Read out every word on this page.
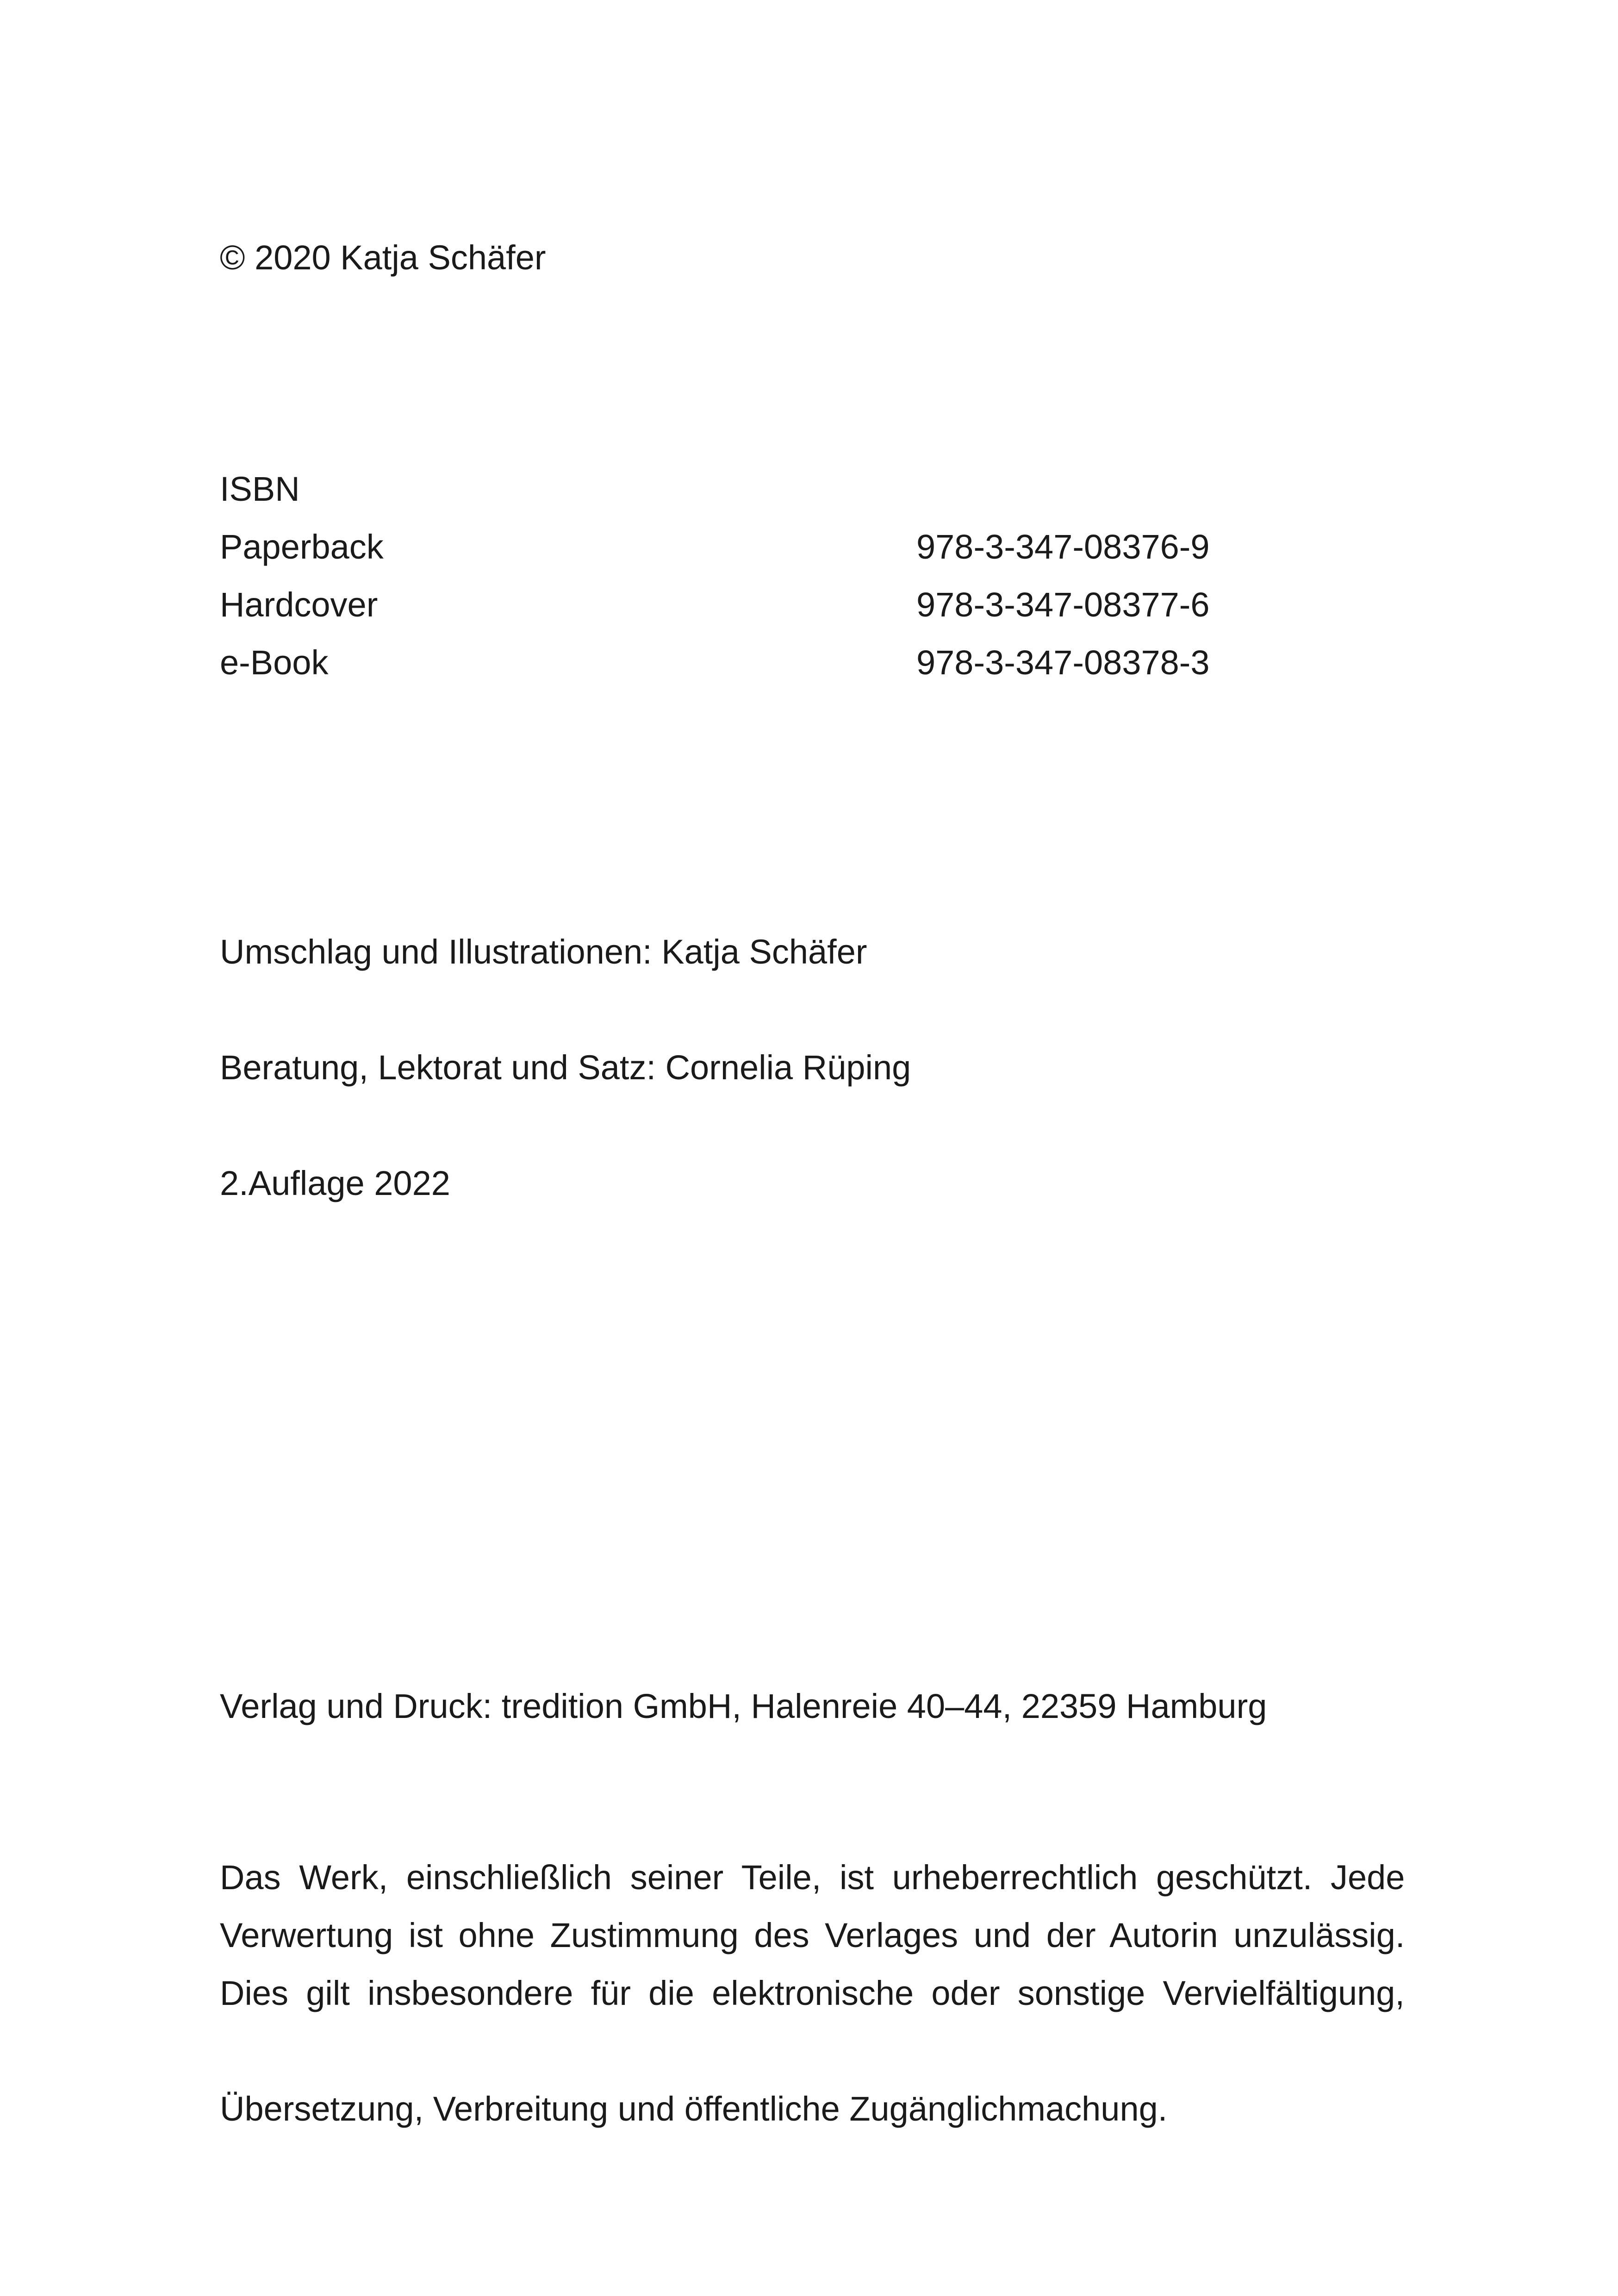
© 2020 Katja Schäfer
ISBN
Paperback	978-3-347-08376-9
Hardcover	978-3-347-08377-6
e-Book	978-3-347-08378-3
Umschlag und Illustrationen: Katja Schäfer
Beratung, Lektorat und Satz: Cornelia Rüping
2.Auflage 2022
Verlag und Druck: tredition GmbH, Halenreie 40–44, 22359 Hamburg
Das Werk, einschließlich seiner Teile, ist urheberrechtlich geschützt. Jede
Verwertung ist ohne Zustimmung des Verlages und der Autorin unzulässig.
Dies gilt insbesondere für die elektronische oder sonstige Vervielfältigung,
Übersetzung, Verbreitung und öffentliche Zugänglichmachung.
